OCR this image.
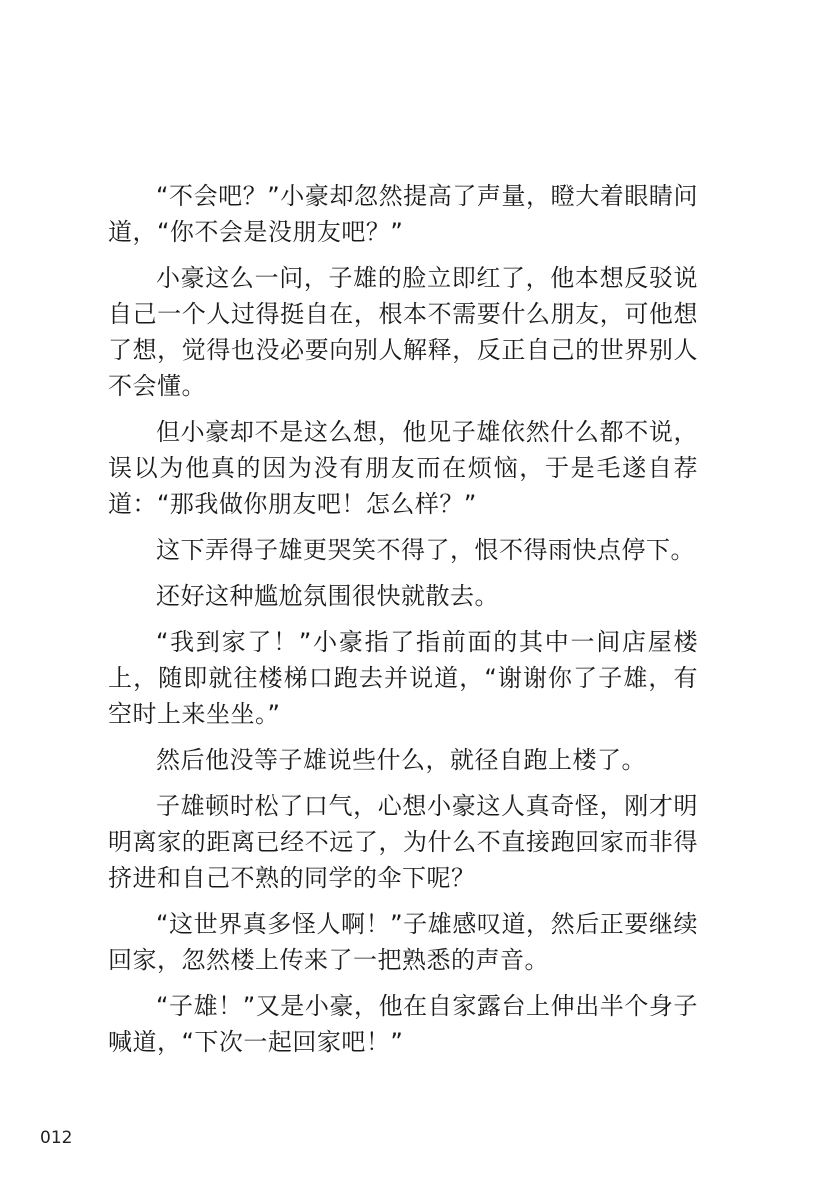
“不会吧？”小豪却忽然提高了声量，瞪大着眼睛问道，“你不会是没朋友吧？”

小豪这么一问，子雄的脸立即红了，他本想反驳说自己一个人过得挺自在，根本不需要什么朋友，可他想了想，觉得也没必要向别人解释，反正自己的世界别人不会懂。

但小豪却不是这么想，他见子雄依然什么都不说，误以为他真的因为没有朋友而在烦恼，于是毛遂自荐道：“那我做你朋友吧！怎么样？”

这下弄得子雄更哭笑不得了，恨不得雨快点停下。

还好这种尴尬氛围很快就散去。

“我到家了！”小豪指了指前面的其中一间店屋楼上，随即就往楼梯口跑去并说道，“谢谢你了子雄，有空时上来坐坐。”

然后他没等子雄说些什么，就径自跑上楼了。

子雄顿时松了口气，心想小豪这人真奇怪，刚才明明离家的距离已经不远了，为什么不直接跑回家而非得挤进和自己不熟的同学的伞下呢？

“这世界真多怪人啊！”子雄感叹道，然后正要继续回家，忽然楼上传来了一把熟悉的声音。

“子雄！”又是小豪，他在自家露台上伸出半个身子喊道，“下次一起回家吧！”

012
